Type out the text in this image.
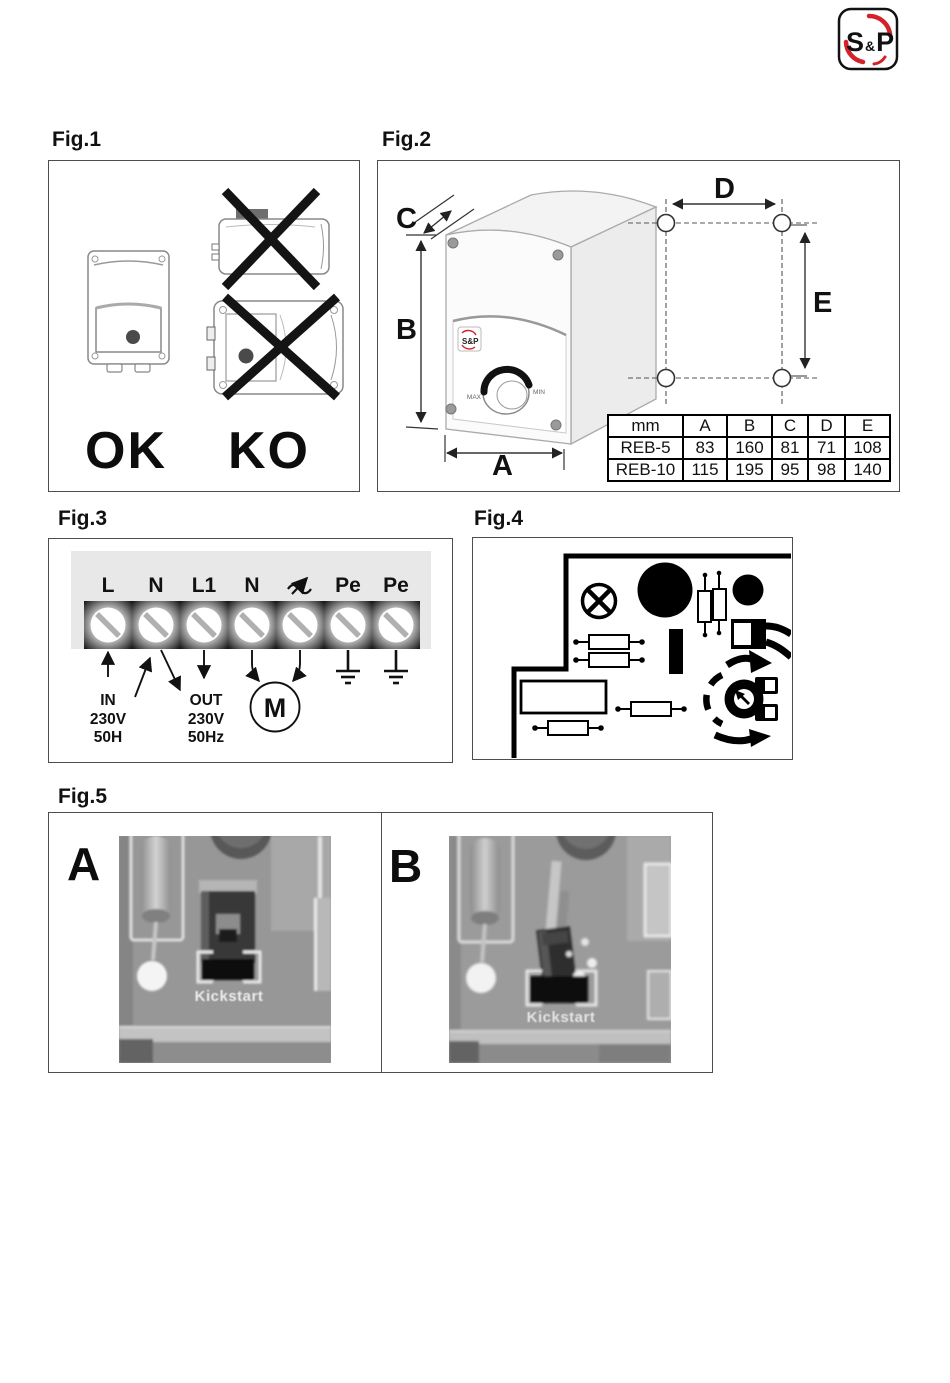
S&P
Fig.1	Fig.2
Fig.3	Fig.4
Fig.5
OK KO
S&P
MAX
MIN
C
B
A
D
E
mm	A	B	C	D	E
REB-5	83	160	81	71	108
REB-10	115	195	95	98	140
L N L1 N	Pe Pe
M
IN
230V
50H
OUT
230V
50Hz
A	B
Kickstart
Kickstart
